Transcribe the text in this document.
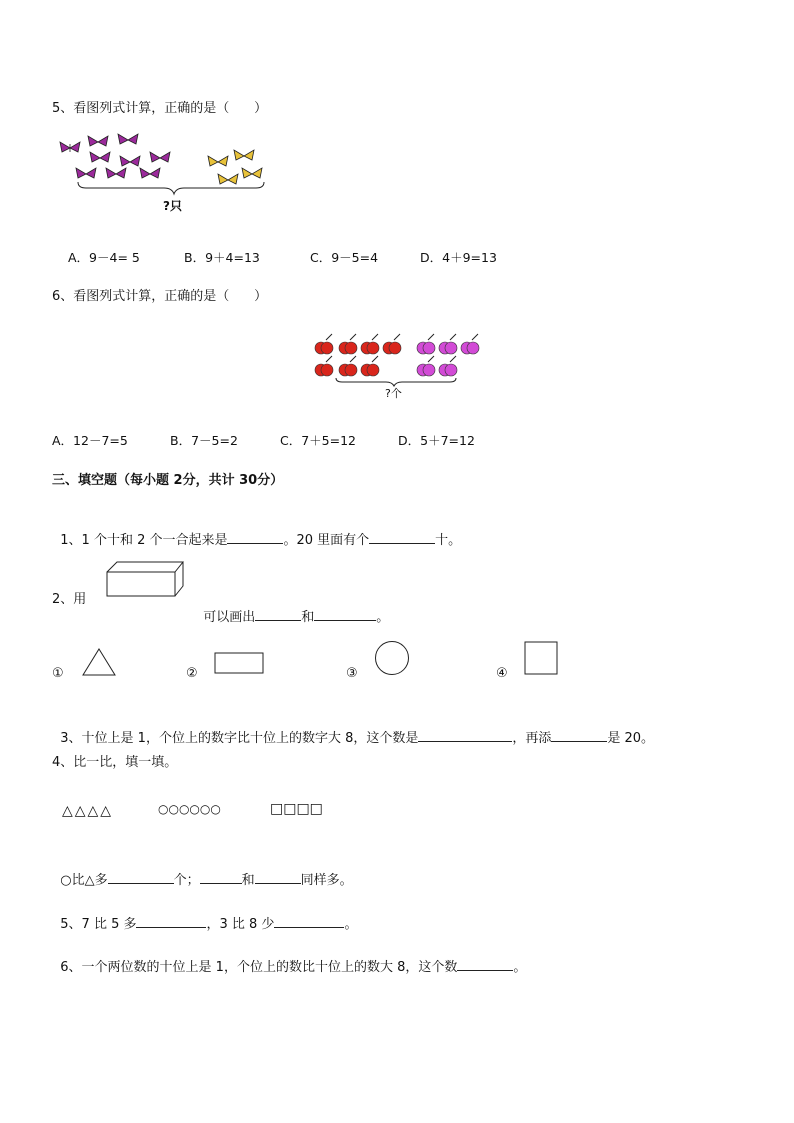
5、看图列式计算，正确的是（      ）
?只
A．9－4= 5	B．9＋4=13	C．9－5=4	D．4＋9=13
6、看图列式计算，正确的是（      ）
?个
A．12－7=5	B．7－5=2	C．7＋5=12	D．5＋7=12
三、填空题（每小题 2分，共计 30分）

1、1 个十和 2 个一合起来是	。20 里面有个	十。

2、用

可以画出	和	。

①	②	③	④

3、十位上是 1，个位上的数字比十位上的数字大 8，这个数是	，再添	是 20。

4、比一比，填一填。
△△△△	○○○○○○	□□□□

○比△多	个；	和	同样多。

5、7 比 5 多	，3 比 8 少	。

6、一个两位数的十位上是 1，个位上的数比十位上的数大 8，这个数	。
